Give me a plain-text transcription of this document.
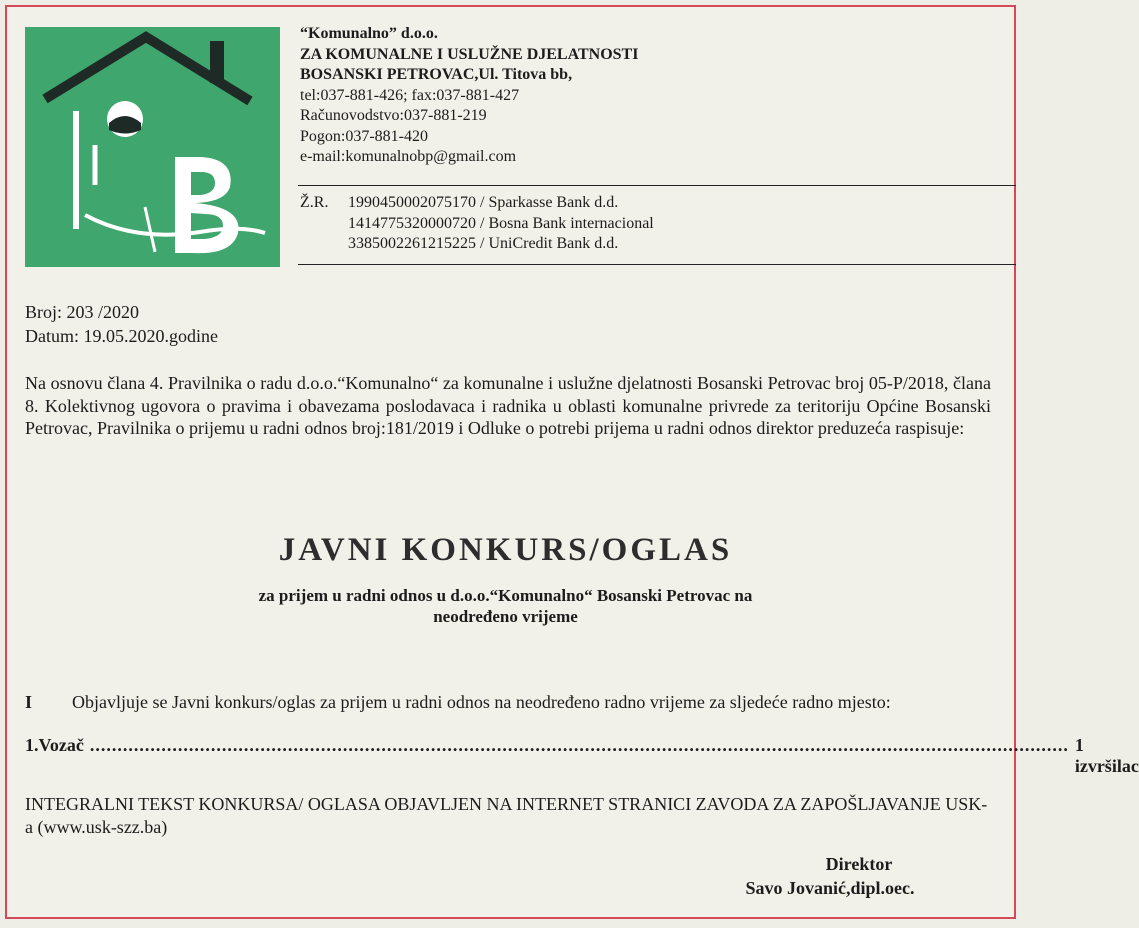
“Komunalno” d.o.o.
ZA KOMUNALNE I USLUŽNE DJELATNOSTI
BOSANSKI PETROVAC,Ul. Titova bb,
tel:037-881-426; fax:037-881-427
Računovodstvo:037-881-219
Pogon:037-881-420
e-mail:komunalnobp@gmail.com
Ž.R.	1990450002075170 / Sparkasse Bank d.d.
1414775320000720 / Bosna Bank internacional
3385002261215225 / UniCredit Bank d.d.
Broj: 203 /2020
Datum: 19.05.2020.godine
Na osnovu člana 4. Pravilnika o radu d.o.o.“Komunalno“ za komunalne i uslužne djelatnosti Bosanski Petrovac broj 05-P/2018, člana 8. Kolektivnog ugovora o pravima i obavezama poslodavaca i radnika u oblasti komunalne privrede za teritoriju Općine Bosanski Petrovac, Pravilnika o prijemu u radni odnos broj:181/2019 i Odluke o potrebi prijema u radni odnos direktor preduzeća raspisuje:
JAVNI KONKURS/OGLAS
za prijem u radni odnos u d.o.o.“Komunalno“ Bosanski Petrovac na
neodređeno vrijeme
I Objavljuje se Javni konkurs/oglas za prijem u radni odnos na neodređeno radno vrijeme za sljedeće radno mjesto:
1. Vozač .................................................................................................................................................................................. 1 izvršilac
INTEGRALNI TEKST KONKURSA/ OGLASA OBJAVLJEN NA INTERNET STRANICI ZAVODA ZA ZAPOŠLJAVANJE USK-a (www.usk-szz.ba)
Direktor
Savo Jovanić,dipl.oec.
